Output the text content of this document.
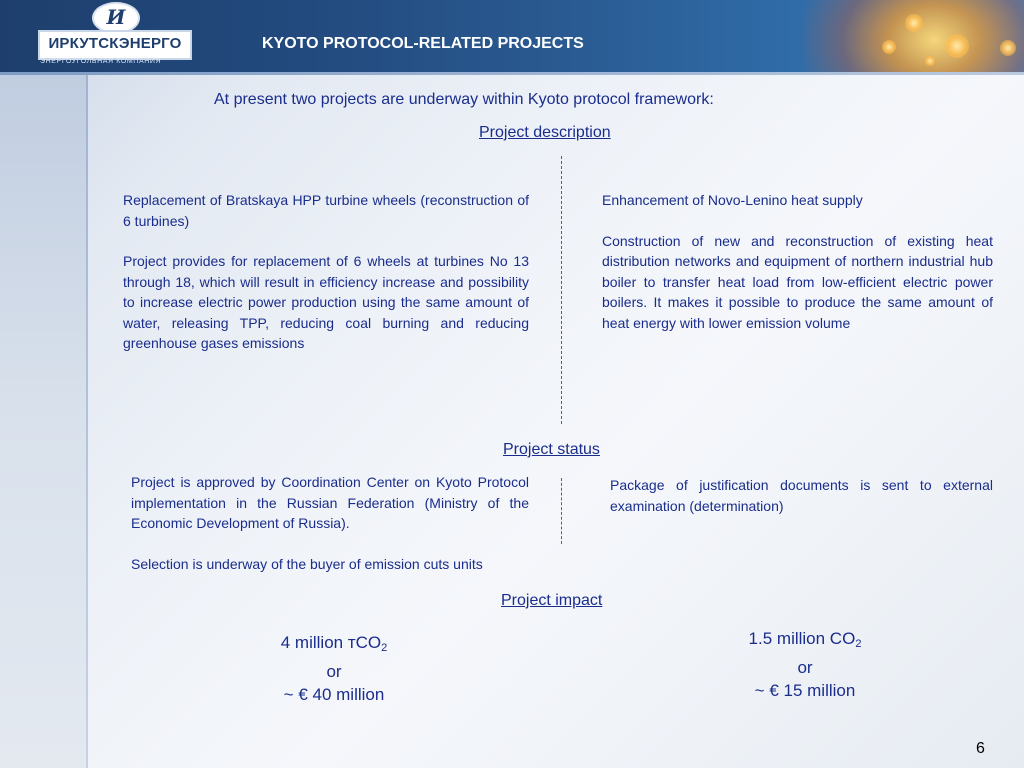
И
ИРКУТСКЭНЕРГО
ЭНЕРГОУГОЛЬНАЯ КОМПАНИЯ
KYOTO PROTOCOL-RELATED PROJECTS
At present two projects are underway within Kyoto protocol framework:
Project description

Replacement of Bratskaya HPP turbine wheels (reconstruction of 6 turbines)

Project provides for replacement of 6 wheels at turbines No 13 through 18, which will result in efficiency increase and possibility to increase electric power production using the same amount of water, releasing TPP, reducing coal burning and reducing greenhouse gases emissions

Enhancement of Novo-Lenino heat supply

Construction of new and reconstruction of existing heat distribution networks and equipment of northern industrial hub boiler to transfer heat load from low-efficient electric power boilers. It makes it possible to produce the same amount of heat energy with lower emission volume

Project status

Project is approved by Coordination Center on Kyoto Protocol implementation in the Russian Federation (Ministry of the Economic Development of Russia).

Selection is underway of the buyer of emission cuts units

Package of justification documents is sent to external examination (determination)

Project impact
4 million тCO$_2$
or
~ € 40 million
1.5 million $CO_2$
or
~ € 15 million
6
